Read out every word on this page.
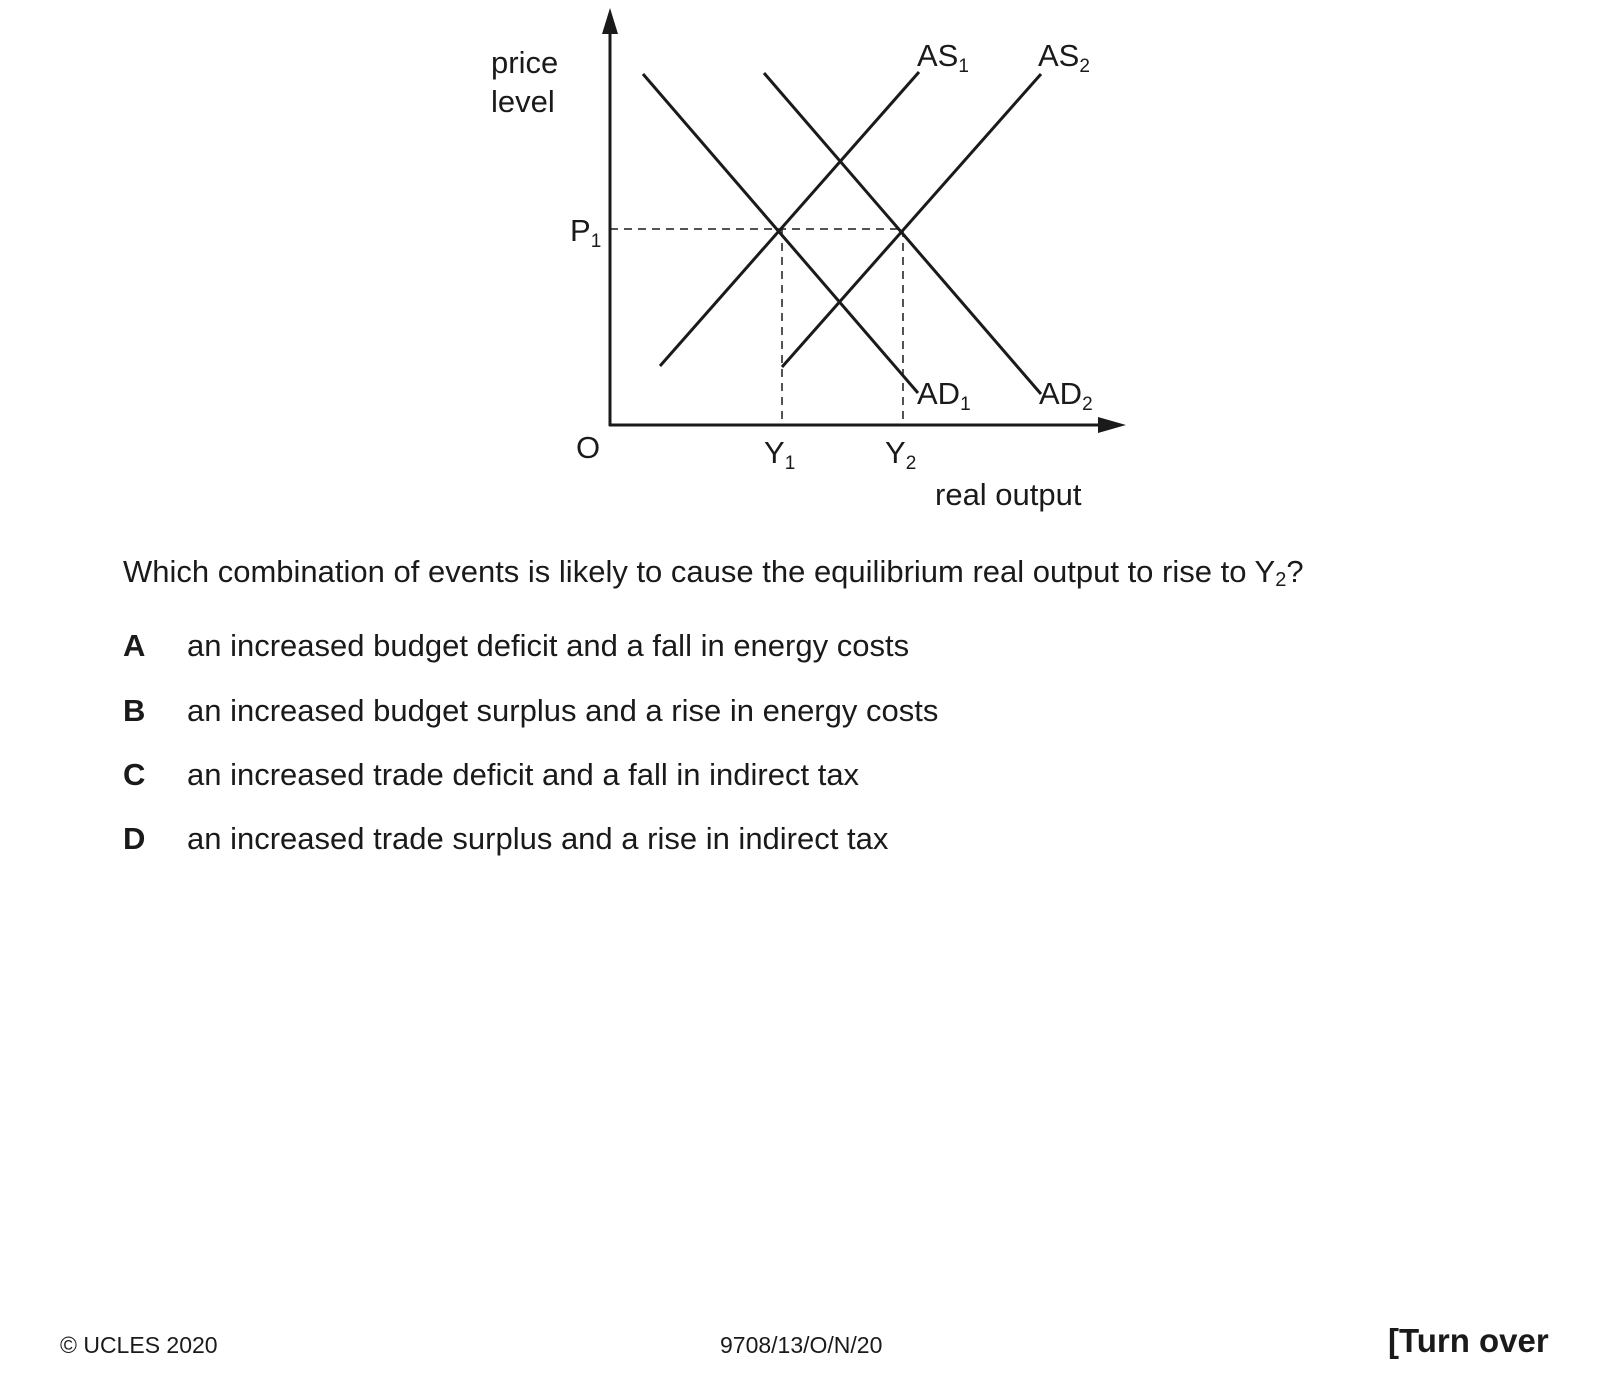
price
level
real output
O
P1
Y1	Y2
AS1 AS2
AD1 AD2
Which combination of events is likely to cause the equilibrium real output to rise to $Y_2$?
A an increased budget deficit and a fall in energy costs
B an increased budget surplus and a rise in energy costs
C an increased trade deficit and a fall in indirect tax
D an increased trade surplus and a rise in indirect tax
© UCLES 2020	9708/13/O/N/20	[Turn over
